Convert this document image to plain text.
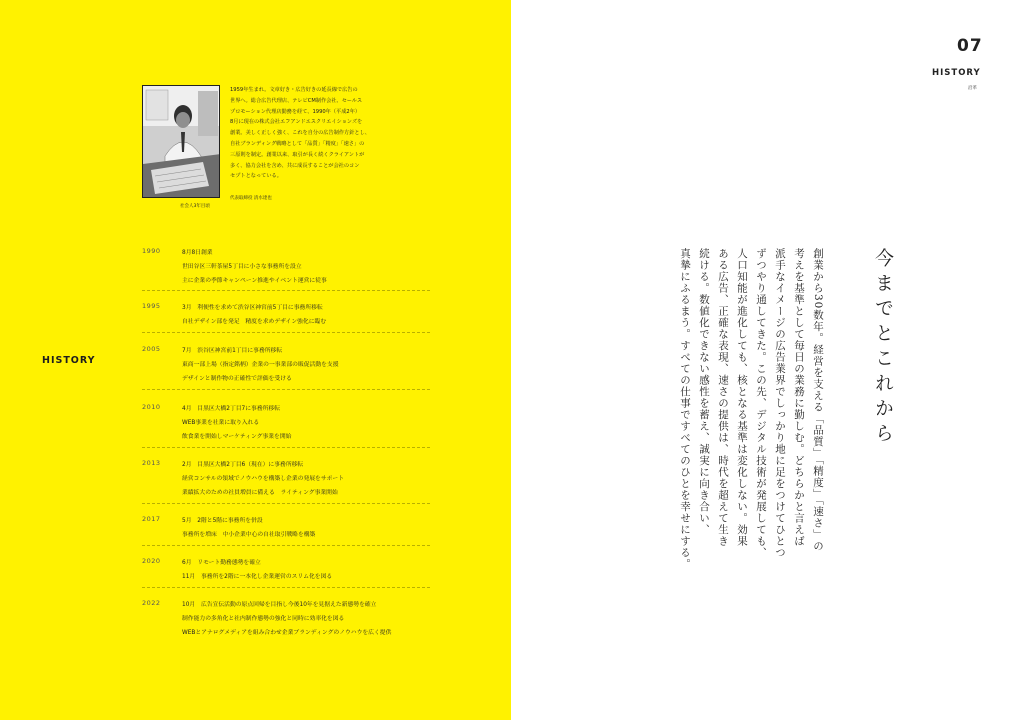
HISTORY
社会人3年目頃
1959年生まれ。文章好き・広告好きの延長線で広告の
世界へ。総合広告代理店、テレビCM制作会社、セールス
プロモーション代理店勤務を経て、1990年（平成2年）
8月に現在の株式会社エフアンドエスクリエイションズを
創業。美しく正しく強く、これを自分の広告制作方針とし、
自社ブランディング戦略として「品質」「精度」「速さ」の
三原則を制定。創業以来、取引が長く続くクライアントが
多く、協力会社を含め、共に成長することが会社のコン
セプトとなっている。
代表取締役 清水達也
1990	8月8日創業
世田谷区三軒茶屋5丁目に小さな事務所を設立
主に企業の季節キャンペーン推進やイベント運営に従事
1995	3月　利便性を求めて渋谷区神宮前5丁目に事務所移転
自社デザイン部を発足　精度を求めデザイン強化に臨む
2005	7月　渋谷区神宮前1丁目に事務所移転
東商一部上場（指定銘柄）企業の一事業部の販促活動を支援
デザインと制作物の正確性で評価を受ける
2010	4月　目黒区大橋2丁目7に事務所移転
WEB事業を社業に取り入れる
飲食業を開始しマーケティング事業を開始
2013	2月　目黒区大橋2丁目6（現在）に事務所移転
経営コンサルの領域でノウハウを構築し企業の発展をサポート
業績拡大のための社員増員に備える　ライティング事業開始
2017	5月　2階と5階に事務所を併設
事務所を増床　中小企業中心の自社取引戦略を構築
2020	6月　リモート勤務態勢を確立
11月　事務所を2階に一本化し企業運営のスリム化を図る
2022	10月　広告宣伝活動の原点回帰を目指し今後10年を見据えた新態勢を確立
制作能力の多角化と社内制作態勢の強化と同時に効率化を図る
WEBとアナログメディアを組み合わせ企業ブランディングのノウハウを広く提供
07
HISTORY
沿革
今までとこれから
創業から30数年。経営を支える「品質」「精度」「速さ」の
考えを基準として毎日の業務に勤しむ。どちらかと言えば
派手なイメージの広告業界でしっかり地に足をつけてひとつ
ずつやり通してきた。この先、デジタル技術が発展しても、
人口知能が進化しても、核となる基準は変化しない。効果
ある広告、正確な表現、速さの提供は、時代を超えて生き
続ける。数値化できない感性を蓄え、誠実に向き合い、
真摯にふるまう。すべての仕事ですべてのひとを幸せにする。
